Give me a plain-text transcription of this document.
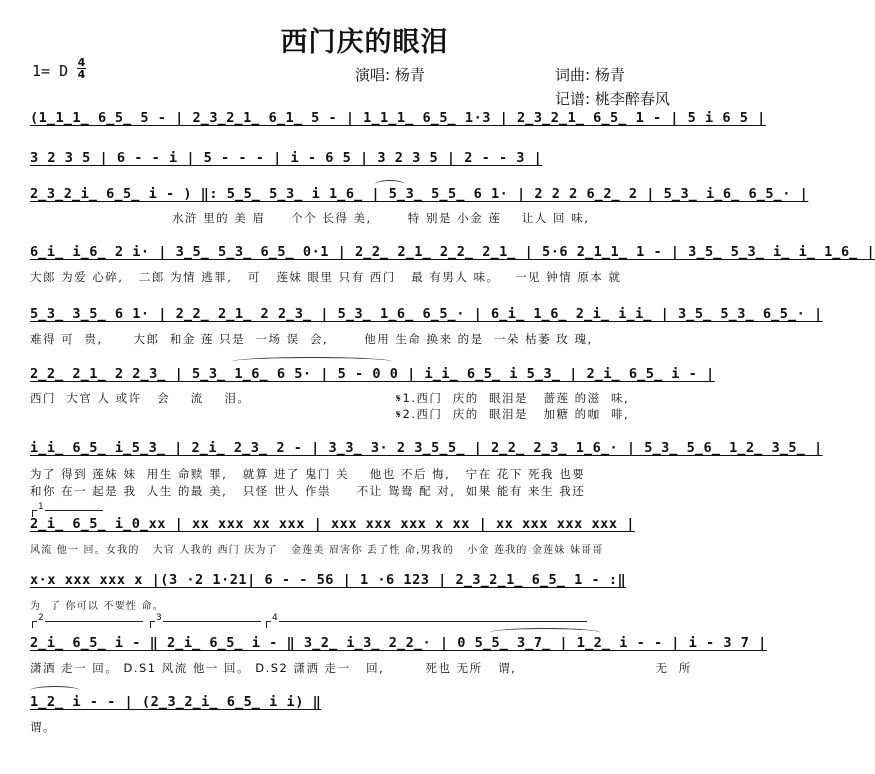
西门庆的眼泪
1= D 4
4	演唱: 杨青	词曲: 杨青
记谱: 桃李醉春风
(1̲1̲1̲ 6̲5̲ 5 - | 2̲3̲2̲1̲ 6̲1̲ 5 - | 1̲1̲1̲ 6̲5̲ 1·3 | 2̲3̲2̲1̲ 6̲5̲ 1 - | 5 i 6 5 |
3 2 3 5 | 6 - - i | 5 - - - | i - 6 5 | 3 2 3 5 | 2 - - 3 |
2̲3̲2̲i̲ 6̲5̲ i - ) ‖: 5̲5̲ 5̲3̲ i 1̲6̲ | 5̲3̲ 5̲5̲ 6 1· | 2 2 2 6̲2̲ 2 | 5̲3̲ i̲6̲ 6̲5̲· |
水浒 里的 美 眉     个个 长得 美,       特 别是 小金 莲    让人 回 味,
6̲i̲ i̲6̲ 2 i· | 3̲5̲ 5̲3̲ 6̲5̲ 0·1 | 2̲2̲ 2̲1̲ 2̲2̲ 2̲1̲ | 5·6 2̲1̲1̲ 1 - | 3̲5̲ 5̲3̲ i̲ i̲ 1̲6̲ |
大郎 为爱 心碎,   二郎 为情 逃罪,   可   莲妹 眼里 只有 西门   最 有男人 味。   一见 钟情 原本 就
5̲3̲ 3̲5̲ 6 1· | 2̲2̲ 2̲1̲ 2 2̲3̲ | 5̲3̲ 1̲6̲ 6̲5̲· | 6̲i̲ 1̲6̲ 2̲i̲ i̲i̲ | 3̲5̲ 5̲3̲ 6̲5̲· |
难得 可  贵,      大郎  和金 莲 只是  一场 误  会,       他用 生命 换来 的是  一朵 枯萎 玫 瑰,
2̲2̲ 2̲1̲ 2 2̲3̲ | 5̲3̲ 1̲6̲ 6 5· | 5 - 0 0 | i̲i̲ 6̲5̲ i 5̲3̲ | 2̲i̲ 6̲5̲ i - |
西门  大官 人 或许   会    流    泪。	𝄋1.西门  庆的  眼泪是   蔷莲 的滋  味,
𝄋2.西门  庆的  眼泪是   加糖 的咖  啡,
i̲i̲ 6̲5̲ i̲5̲3̲ | 2̲i̲ 2̲3̲ 2 - | 3̲3̲ 3· 2 3̲5̲5̲ | 2̲2̲ 2̲3̲ 1̲6̲· | 5̲3̲ 5̲6̲ 1̲2̲ 3̲5̲ |
为了 得到 莲妹 妹  用生 命赎 罪,   就算 进了 鬼门 关    他也 不后 悔,   宁在 花下 死我 也要
和你 在一 起是 我  人生 的最 美,   只怪 世人 作祟     不让 鸳鸯 配 对,  如果 能有 来生 我还
1
2̲i̲ 6̲5̲ i̲0̲xx | xx xxx xx xxx | xxx xxx xxx x xx | xx xxx xxx xxx |
风流 他一 回。女我的   大官 人我的 西门 庆为了   金莲美 眉害你 丢了性 命,男我的   小金 莲我的 金莲妹 妹哥哥
x·x xxx xxx x |(3 ·2 1·21| 6 - - 56 | 1 ·6 123 | 2̲3̲2̲1̲ 6̲5̲ 1 - :‖
为  了 你可以 不要性 命。
2	3	4
2̲i̲ 6̲5̲ i - ‖ 2̲i̲ 6̲5̲ i - ‖ 3̲2̲ i̲3̲ 2̲2̲· | 0 5̲5̲ 3̲7̲ | 1̲2̲ i - - | i - 3 7 |
潇洒 走一 回。 D.S1 风流 他一 回。 D.S2 潇洒 走一   回,        死也 无所   谓,                           无  所
1̲2̲ i - - | (2̲3̲2̲i̲ 6̲5̲ i i) ‖
谓。
